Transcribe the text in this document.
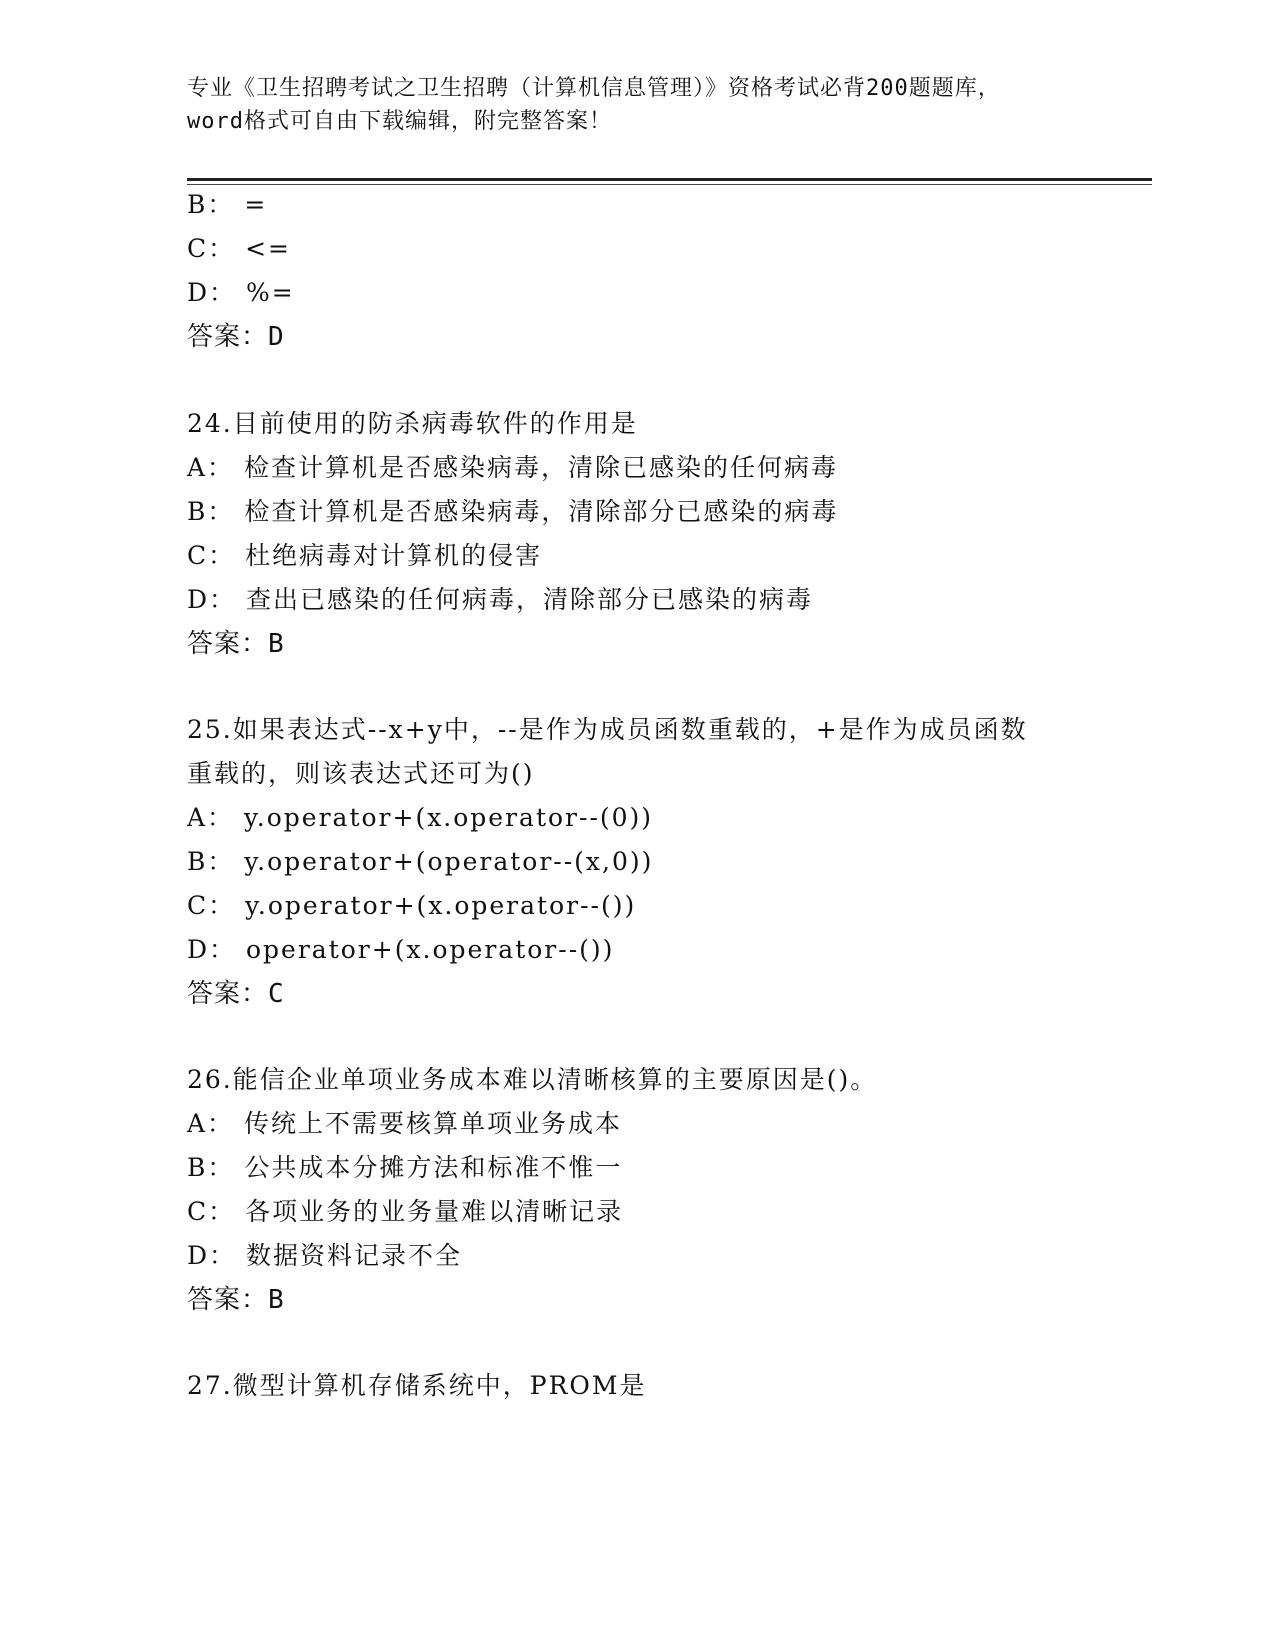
专业《卫生招聘考试之卫生招聘（计算机信息管理）》资格考试必背200题题库，
word格式可自由下载编辑，附完整答案！
B： =
C： <=
D： %=
答案：D
24.目前使用的防杀病毒软件的作用是
A： 检查计算机是否感染病毒，清除已感染的任何病毒
B： 检查计算机是否感染病毒，清除部分已感染的病毒
C： 杜绝病毒对计算机的侵害
D： 查出已感染的任何病毒，清除部分已感染的病毒
答案：B
25.如果表达式--x+y中，--是作为成员函数重载的，+是作为成员函数
重载的，则该表达式还可为()
A： y.operator+(x.operator--(0))
B： y.operator+(operator--(x,0))
C： y.operator+(x.operator--())
D： operator+(x.operator--())
答案：C
26.能信企业单项业务成本难以清晰核算的主要原因是()。
A： 传统上不需要核算单项业务成本
B： 公共成本分摊方法和标准不惟一
C： 各项业务的业务量难以清晰记录
D： 数据资料记录不全
答案：B
27.微型计算机存储系统中，PROM是
